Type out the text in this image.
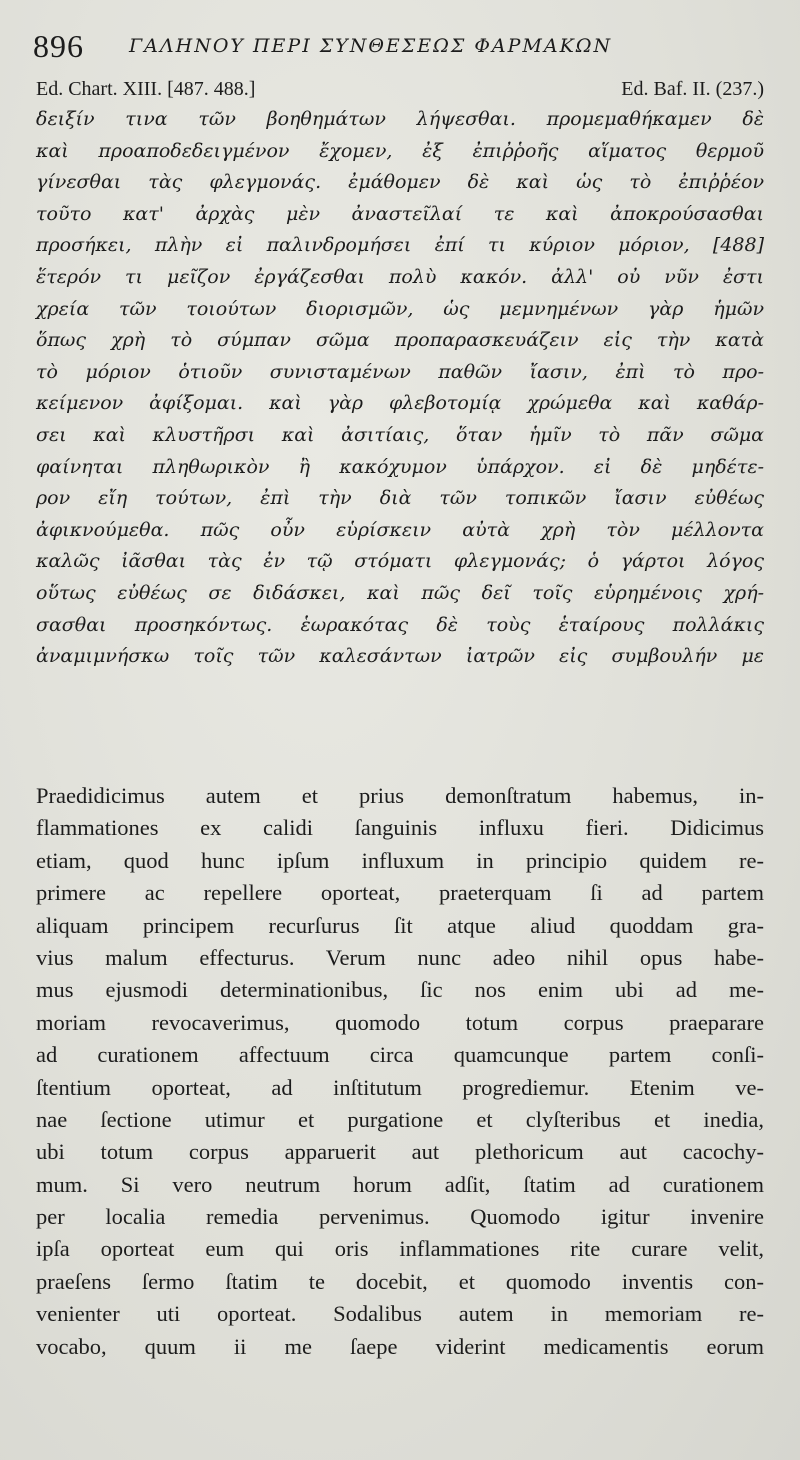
896 ΓΑΛΗΝΟΥ ΠΕΡΙ ΣΥΝΘΕΣΕΩΣ ΦΑΡΜΑΚΩΝ
Ed. Chart. XIII. [487. 488.]	Ed. Baf. II. (237.)
δειξίν τινα τῶν βοηθημάτων λήψεσθαι. προμεμαθήκαμεν δὲ
καὶ προαποδεδειγμένον ἔχομεν, ἐξ ἐπιῤῥοῆς αἵματος θερμοῦ
γίνεσθαι τὰς φλεγμονάς. ἐμάθομεν δὲ καὶ ὡς τὸ ἐπιῤῥέον
τοῦτο κατ' ἀρχὰς μὲν ἀναστεῖλαί τε καὶ ἀποκρούσασθαι
προσήκει, πλὴν εἰ παλινδρομήσει ἐπί τι κύριον μόριον, [488]
ἕτερόν τι μεῖζον ἐργάζεσθαι πολὺ κακόν. ἀλλ' οὐ νῦν ἐστι
χρεία τῶν τοιούτων διορισμῶν, ὡς μεμνημένων γὰρ ἡμῶν
ὅπως χρὴ τὸ σύμπαν σῶμα προπαρασκευάζειν εἰς τὴν κατὰ
τὸ μόριον ὁτιοῦν συνισταμένων παθῶν ἴασιν, ἐπὶ τὸ προ-
κείμενον ἀφίξομαι. καὶ γὰρ φλεβοτομίᾳ χρώμεθα καὶ καθάρ-
σει καὶ κλυστῆρσι καὶ ἀσιτίαις, ὅταν ἡμῖν τὸ πᾶν σῶμα
φαίνηται πληθωρικὸν ἢ κακόχυμον ὑπάρχον. εἰ δὲ μηδέτε-
ρον εἴη τούτων, ἐπὶ τὴν διὰ τῶν τοπικῶν ἴασιν εὐθέως
ἀφικνούμεθα. πῶς οὖν εὑρίσκειν αὐτὰ χρὴ τὸν μέλλοντα
καλῶς ἰᾶσθαι τὰς ἐν τῷ στόματι φλεγμονάς; ὁ γάρτοι λόγος
οὕτως εὐθέως σε διδάσκει, καὶ πῶς δεῖ τοῖς εὑρημένοις χρή-
σασθαι προσηκόντως. ἑωρακότας δὲ τοὺς ἑταίρους πολλάκις
ἀναμιμνήσκω τοῖς τῶν καλεσάντων ἰατρῶν εἰς συμβουλήν με
Praedidicimus autem et prius demonſtratum habemus, in-
flammationes ex calidi ſanguinis influxu fieri. Didicimus
etiam, quod hunc ipſum influxum in principio quidem re-
primere ac repellere oporteat, praeterquam ſi ad partem
aliquam principem recurſurus ſit atque aliud quoddam gra-
vius malum effecturus. Verum nunc adeo nihil opus habe-
mus ejusmodi determinationibus, ſic nos enim ubi ad me-
moriam revocaverimus, quomodo totum corpus praeparare
ad curationem affectuum circa quamcunque partem conſi-
ſtentium oporteat, ad inſtitutum progrediemur. Etenim ve-
nae ſectione utimur et purgatione et clyſteribus et inedia,
ubi totum corpus apparuerit aut plethoricum aut cacochy-
mum. Si vero neutrum horum adſit, ſtatim ad curationem
per localia remedia pervenimus. Quomodo igitur invenire
ipſa oporteat eum qui oris inflammationes rite curare velit,
praeſens ſermo ſtatim te docebit, et quomodo inventis con-
venienter uti oporteat. Sodalibus autem in memoriam re-
vocabo, quum ii me ſaepe viderint medicamentis eorum
